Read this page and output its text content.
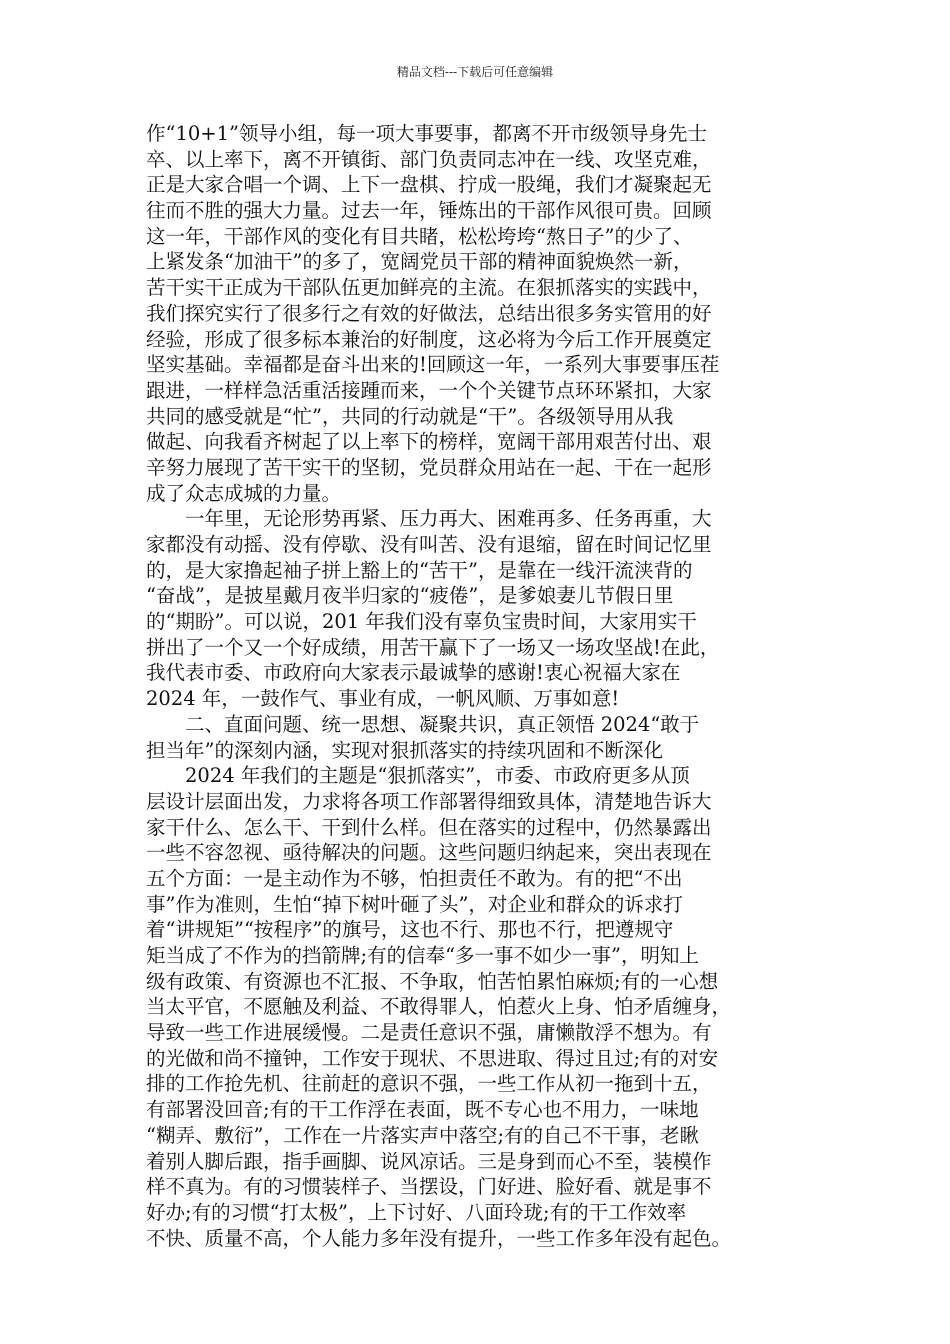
精品文档---下载后可任意编辑
作“10+1”领导小组，每一项大事要事，都离不开市级领导身先士
卒、以上率下，离不开镇街、部门负责同志冲在一线、攻坚克难，
正是大家合唱一个调、上下一盘棋、拧成一股绳，我们才凝聚起无
往而不胜的强大力量。过去一年，锤炼出的干部作风很可贵。回顾
这一年，干部作风的变化有目共睹，松松垮垮“熬日子”的少了、
上紧发条“加油干”的多了，宽阔党员干部的精神面貌焕然一新，
苦干实干正成为干部队伍更加鲜亮的主流。在狠抓落实的实践中，
我们探究实行了很多行之有效的好做法，总结出很多务实管用的好
经验，形成了很多标本兼治的好制度，这必将为今后工作开展奠定
坚实基础。幸福都是奋斗出来的!回顾这一年，一系列大事要事压茬
跟进，一样样急活重活接踵而来，一个个关键节点环环紧扣，大家
共同的感受就是“忙”，共同的行动就是“干”。各级领导用从我
做起、向我看齐树起了以上率下的榜样，宽阔干部用艰苦付出、艰
辛努力展现了苦干实干的坚韧，党员群众用站在一起、干在一起形
成了众志成城的力量。
　　一年里，无论形势再紧、压力再大、困难再多、任务再重，大
家都没有动摇、没有停歇、没有叫苦、没有退缩，留在时间记忆里
的，是大家撸起袖子拼上豁上的“苦干”，是靠在一线汗流浃背的
“奋战”，是披星戴月夜半归家的“疲倦”，是爹娘妻儿节假日里
的“期盼”。可以说，201 年我们没有辜负宝贵时间，大家用实干
拼出了一个又一个好成绩，用苦干赢下了一场又一场攻坚战!在此，
我代表市委、市政府向大家表示最诚挚的感谢!衷心祝福大家在
2024 年，一鼓作气、事业有成，一帆风顺、万事如意!
　　二、直面问题、统一思想、凝聚共识，真正领悟 2024“敢于
担当年”的深刻内涵，实现对狠抓落实的持续巩固和不断深化
　　2024 年我们的主题是“狠抓落实”，市委、市政府更多从顶
层设计层面出发，力求将各项工作部署得细致具体，清楚地告诉大
家干什么、怎么干、干到什么样。但在落实的过程中，仍然暴露出
一些不容忽视、亟待解决的问题。这些问题归纳起来，突出表现在
五个方面：一是主动作为不够，怕担责任不敢为。有的把“不出
事”作为准则，生怕“掉下树叶砸了头”，对企业和群众的诉求打
着“讲规矩”“按程序”的旗号，这也不行、那也不行，把遵规守
矩当成了不作为的挡箭牌;有的信奉“多一事不如少一事”，明知上
级有政策、有资源也不汇报、不争取，怕苦怕累怕麻烦;有的一心想
当太平官，不愿触及利益、不敢得罪人，怕惹火上身、怕矛盾缠身，
导致一些工作进展缓慢。二是责任意识不强，庸懒散浮不想为。有
的光做和尚不撞钟，工作安于现状、不思进取、得过且过;有的对安
排的工作抢先机、往前赶的意识不强，一些工作从初一拖到十五，
有部署没回音;有的干工作浮在表面，既不专心也不用力，一味地
“糊弄、敷衍”，工作在一片落实声中落空;有的自己不干事，老瞅
着别人脚后跟，指手画脚、说风凉话。三是身到而心不至，装模作
样不真为。有的习惯装样子、当摆设，门好进、脸好看、就是事不
好办;有的习惯“打太极”，上下讨好、八面玲珑;有的干工作效率
不快、质量不高，个人能力多年没有提升，一些工作多年没有起色。
